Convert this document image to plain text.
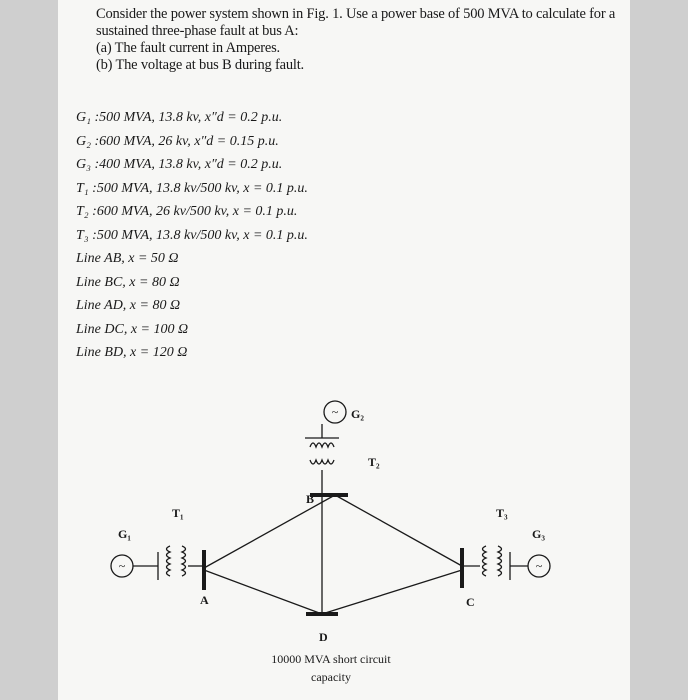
Consider the power system shown in Fig. 1. Use a power base of 500 MVA to calculate for a
sustained three-phase fault at bus A:
(a) The fault current in Amperes.
(b) The voltage at bus B during fault.
G₁ :500 MVA, 13.8 kv, x″d = 0.2 p.u.
G₂ :600 MVA, 26 kv, x″d = 0.15 p.u.
G₃ :400 MVA, 13.8 kv, x″d = 0.2 p.u.
T₁ :500 MVA, 13.8 kv/500 kv, x = 0.1 p.u.
T₂ :600 MVA, 26 kv/500 kv, x = 0.1 p.u.
T₃ :500 MVA, 13.8 kv/500 kv, x = 0.1 p.u.
Line AB, x = 50 Ω
Line BC, x = 80 Ω
Line AD, x = 80 Ω
Line DC, x = 100 Ω
Line BD, x = 120 Ω
~
~	~
G₂
T₂
G₁
T₁
G₃
T₃
B
A	C
D
10000 MVA short circuit
capacity
